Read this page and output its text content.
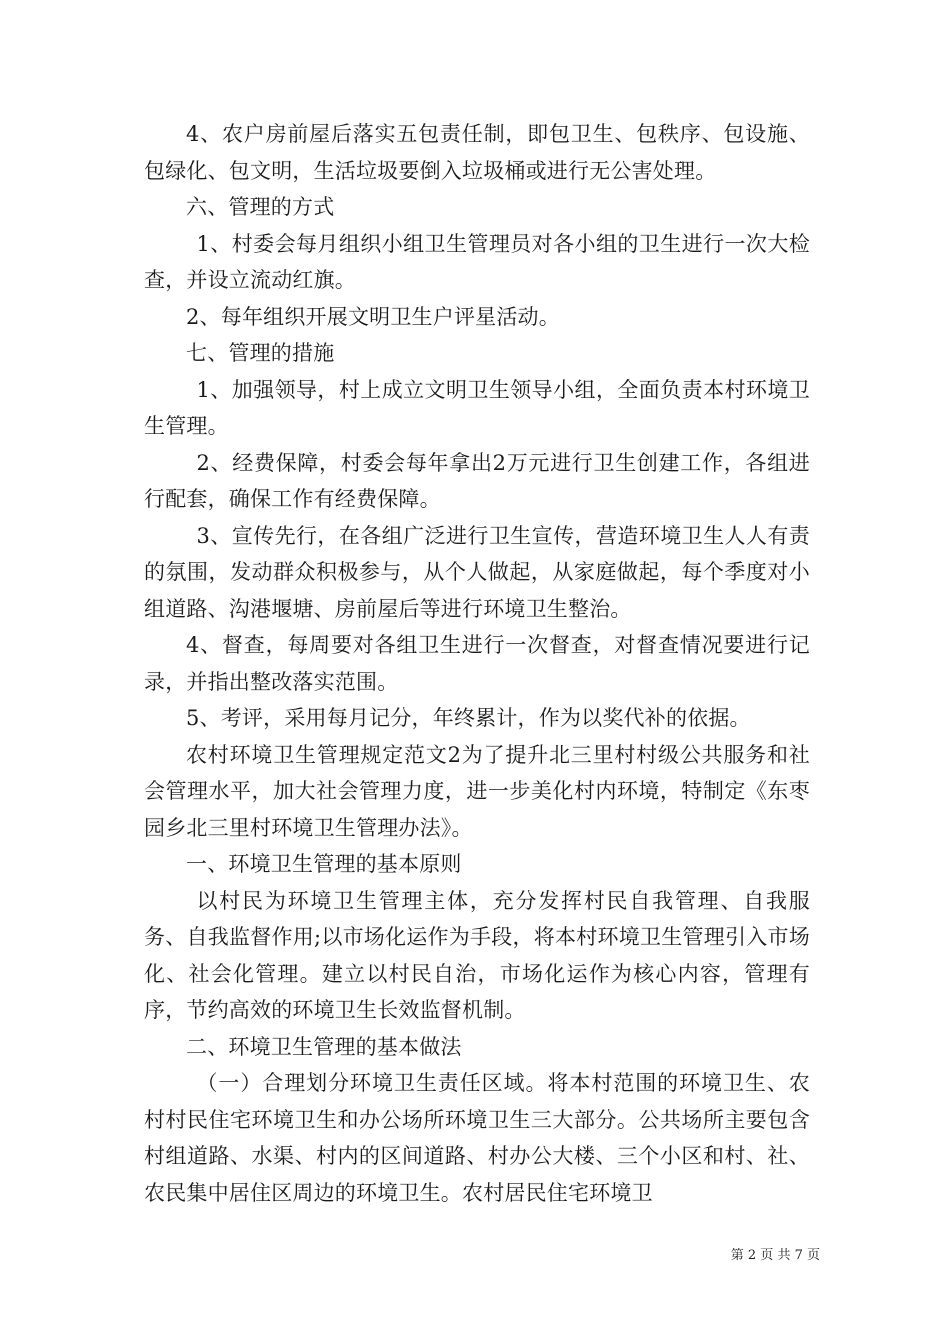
4、农户房前屋后落实五包责任制，即包卫生、包秩序、包设施、包绿化、包文明，生活垃圾要倒入垃圾桶或进行无公害处理。

六、管理的方式

1、村委会每月组织小组卫生管理员对各小组的卫生进行一次大检查，并设立流动红旗。

2、每年组织开展文明卫生户评星活动。

七、管理的措施

1、加强领导，村上成立文明卫生领导小组，全面负责本村环境卫生管理。

2、经费保障，村委会每年拿出2万元进行卫生创建工作，各组进行配套，确保工作有经费保障。

3、宣传先行，在各组广泛进行卫生宣传，营造环境卫生人人有责的氛围，发动群众积极参与，从个人做起，从家庭做起，每个季度对小组道路、沟港堰塘、房前屋后等进行环境卫生整治。

4、督查，每周要对各组卫生进行一次督查，对督查情况要进行记录，并指出整改落实范围。

5、考评，采用每月记分，年终累计，作为以奖代补的依据。

农村环境卫生管理规定范文2为了提升北三里村村级公共服务和社会管理水平，加大社会管理力度，进一步美化村内环境，特制定《东枣园乡北三里村环境卫生管理办法》。

一、环境卫生管理的基本原则

以村民为环境卫生管理主体，充分发挥村民自我管理、自我服务、自我监督作用;以市场化运作为手段，将本村环境卫生管理引入市场化、社会化管理。建立以村民自治，市场化运作为核心内容，管理有序，节约高效的环境卫生长效监督机制。

二、环境卫生管理的基本做法

（一）合理划分环境卫生责任区域。将本村范围的环境卫生、农村村民住宅环境卫生和办公场所环境卫生三大部分。公共场所主要包含村组道路、水渠、村内的区间道路、村办公大楼、三个小区和村、社、农民集中居住区周边的环境卫生。农村居民住宅环境卫

第 2 页 共 7 页
